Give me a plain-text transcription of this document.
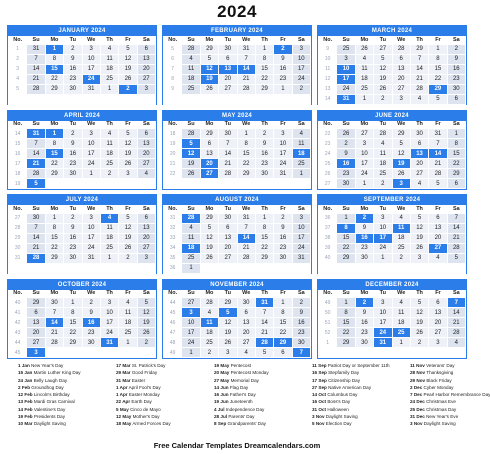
2024
JANUARY 2024
No.	Su	Mo	Tu	We	Th	Fr	Sa
1	31	1	2	3	4	5	6
2	7	8	9	10	11	12	13
3	14	15	16	17	18	19	20
4	21	22	23	24	25	26	27
5	28	29	30	31	1	2	3

FEBRUARY 2024
No.	Su	Mo	Tu	We	Th	Fr	Sa
5	28	29	30	31	1	2	3
6	4	5	6	7	8	9	10
7	11	12	13	14	15	16	17
8	18	19	20	21	22	23	24
9	25	26	27	28	29	1	2

MARCH 2024
No.	Su	Mo	Tu	We	Th	Fr	Sa
9	25	26	27	28	29	1	2
10	3	4	5	6	7	8	9
11	10	11	12	13	14	15	16
12	17	18	19	20	21	22	23
13	24	25	26	27	28	29	30
14	31	1	2	3	4	5	6
APRIL 2024
No.	Su	Mo	Tu	We	Th	Fr	Sa
14	31	1	2	3	4	5	6
15	7	8	9	10	11	12	13
16	14	15	16	17	18	19	20
17	21	22	23	24	25	26	27
18	28	29	30	1	2	3	4
19	5						
MAY 2024
No.	Su	Mo	Tu	We	Th	Fr	Sa
18	28	29	30	1	2	3	4
19	5	6	7	8	9	10	11
20	12	13	14	15	16	17	18
21	19	20	21	22	23	24	25
22	26	27	28	29	30	31	1

JUNE 2024
No.	Su	Mo	Tu	We	Th	Fr	Sa
22	26	27	28	29	30	31	1
23	2	3	4	5	6	7	8
24	9	10	11	12	13	14	15
25	16	17	18	19	20	21	22
26	23	24	25	26	27	28	29
27	30	1	2	3	4	5	6
JULY 2024
No.	Su	Mo	Tu	We	Th	Fr	Sa
27	30	1	2	3	4	5	6
28	7	8	9	10	11	12	13
29	14	15	16	17	18	19	20
30	21	22	23	24	25	26	27
31	28	29	30	31	1	2	3

AUGUST 2024
No.	Su	Mo	Tu	We	Th	Fr	Sa
31	28	29	30	31	1	2	3
32	4	5	6	7	8	9	10
33	11	12	13	14	15	16	17
34	18	19	20	21	22	23	24
35	25	26	27	28	29	30	31
36	1						
SEPTEMBER 2024
No.	Su	Mo	Tu	We	Th	Fr	Sa
36	1	2	3	4	5	6	7
37	8	9	10	11	12	13	14
38	15	16	17	18	19	20	21
39	22	23	24	25	26	27	28
40	29	30	1	2	3	4	5

OCTOBER 2024
No.	Su	Mo	Tu	We	Th	Fr	Sa
40	29	30	1	2	3	4	5
41	6	7	8	9	10	11	12
42	13	14	15	16	17	18	19
43	20	21	22	23	24	25	26
44	27	28	29	30	31	1	2
45	3						
NOVEMBER 2024
No.	Su	Mo	Tu	We	Th	Fr	Sa
44	27	28	29	30	31	1	2
45	3	4	5	6	7	8	9
46	10	11	12	13	14	15	16
47	17	18	19	20	21	22	23
48	24	25	26	27	28	29	30
49	1	2	3	4	5	6	7
DECEMBER 2024
No.	Su	Mo	Tu	We	Th	Fr	Sa
49	1	2	3	4	5	6	7
50	8	9	10	11	12	13	14
51	15	16	17	18	19	20	21
52	22	23	24	25	26	27	28
1	29	30	31	1	2	3	4

1 Jan New Year's Day
15 Jan Martin Luther King Day
24 Jan Belly Laugh Day
2 Feb Groundhog Day
12 Feb Lincoln's Birthday
13 Feb Mardi Gras Carnival
14 Feb Valentine's Day
19 Feb Presidents Day
10 Mar Daylight Saving
17 Mar St. Patrick's Day
29 Mar Good Friday
31 Mar Easter
1 Apr April Fool's Day
1 Apr Easter Monday
22 Apr Earth Day
5 May Cinco de Mayo
12 May Mother's Day
18 May Armed Forces Day
19 May Pentecost
20 May Pentecost Monday
27 May Memorial Day
14 Jun Flag Day
16 Jun Father's Day
19 Jun Juneteenth
4 Jul Independence Day
28 Jul Parents' Day
8 Sep Grandparents' Day
11 Sep Patriot Day or September 11th
16 Sep Stepfamily Day
17 Sep Citizenship Day
27 Sep Native American Day
14 Oct Columbus Day
16 Oct Boss's Day
31 Oct Halloween
3 Nov Daylight Saving
5 Nov Election Day
11 Nov Veterans' Day
28 Nov Thanksgiving
29 Nov Black Friday
2 Dec Cyber Monday
7 Dec Pearl Harbor Remembrance Day
24 Dec Christmas Eve
25 Dec Christmas Day
31 Dec New Year's Eve
3 Nov Daylight Saving
Free Calendar Templates Dreamcalendars.com
